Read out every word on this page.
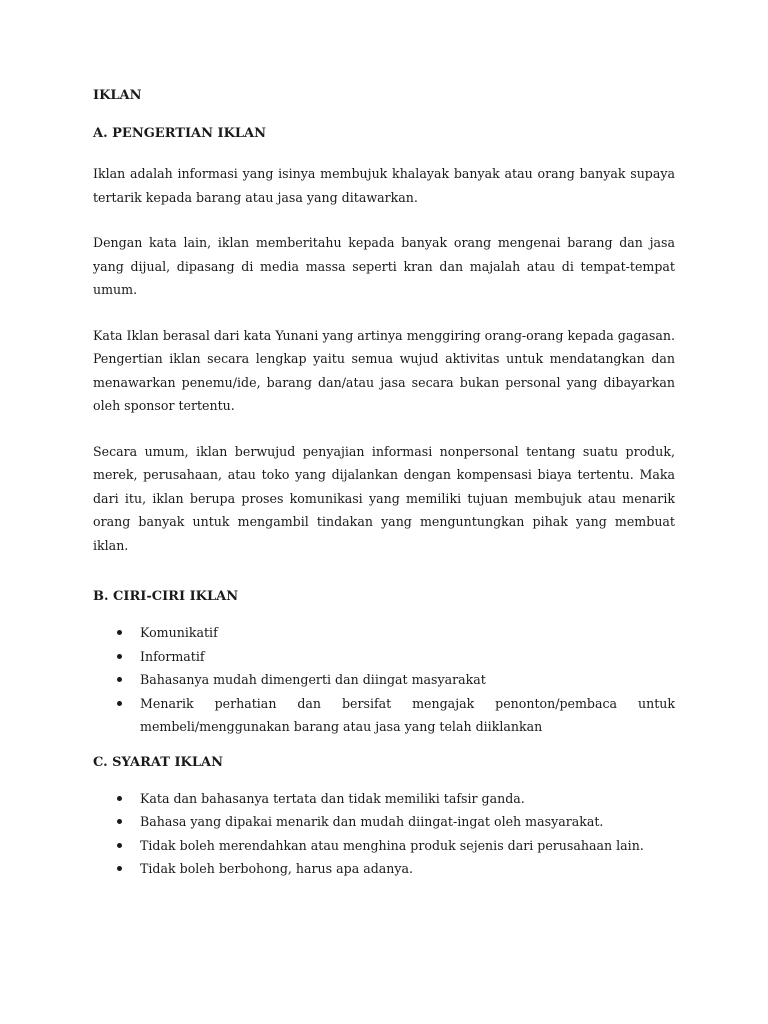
IKLAN
A. PENGERTIAN IKLAN

Iklan adalah informasi yang isinya membujuk khalayak banyak atau orang banyak supaya tertarik kepada barang atau jasa yang ditawarkan.

Dengan kata lain, iklan memberitahu kepada banyak orang mengenai barang dan jasa yang dijual, dipasang di media massa seperti kran dan majalah atau di tempat-tempat umum.

Kata Iklan berasal dari kata Yunani yang artinya menggiring orang-orang kepada gagasan. Pengertian iklan secara lengkap yaitu semua wujud aktivitas untuk mendatangkan dan menawarkan penemu/ide, barang dan/atau jasa secara bukan personal yang dibayarkan oleh sponsor tertentu.

Secara umum, iklan berwujud penyajian informasi nonpersonal tentang suatu produk, merek, perusahaan, atau toko yang dijalankan dengan kompensasi biaya tertentu. Maka dari itu, iklan berupa proses komunikasi yang memiliki tujuan membujuk atau menarik orang banyak untuk mengambil tindakan yang menguntungkan pihak yang membuat iklan.

B. CIRI-CIRI IKLAN
Komunikatif
Informatif
Bahasanya mudah dimengerti dan diingat masyarakat
Menarik perhatian dan bersifat mengajak penonton/pembaca untuk membeli/menggunakan barang atau jasa yang telah diiklankan
C. SYARAT IKLAN
Kata dan bahasanya tertata dan tidak memiliki tafsir ganda.
Bahasa yang dipakai menarik dan mudah diingat-ingat oleh masyarakat.
Tidak boleh merendahkan atau menghina produk sejenis dari perusahaan lain.
Tidak boleh berbohong, harus apa adanya.
